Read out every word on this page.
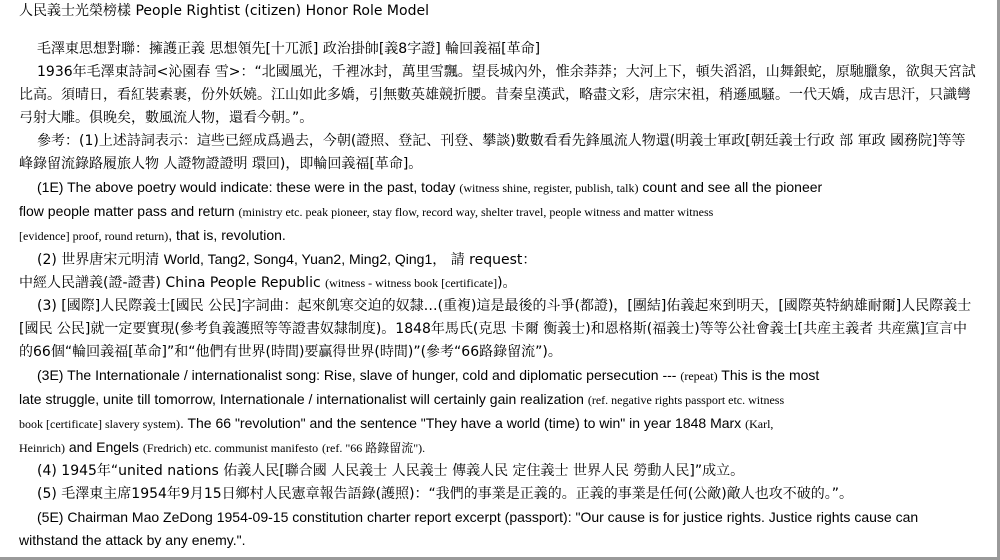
人民義士光榮榜樣 People Rightist (citizen) Honor Role Model

毛澤東思想對聯：擁護正義 思想領先[十兀派] 政治掛帥[義8字證] 輪回義福[革命]

1936年毛澤東詩詞<沁園春 雪>：“北國風光，千裡冰封，萬里雪飄。望長城內外，惟余莽莽；大河上下，頓失滔滔，山舞銀蛇，原馳臘象，欲與天宮試比高。須晴日，看紅裝素裹，份外妖嬈。江山如此多嬌，引無數英雄競折腰。昔秦皇漢武，略盡文彩，唐宗宋祖，稍遜風騷。一代天嬌，成吉思汗，只識彎弓射大雕。俱晚矣，數風流人物，還看今朝。”。

參考：(1)上述詩詞表示：這些已經成爲過去，今朝(證照、登記、刊登、攀談)數數看看先鋒風流人物還(明義士軍政[朝廷義士行政 部 軍政 國務院]等等峰錄留流錄路履旅人物 人證物證證明 環回)，即輪回義福[革命]。

(1E) The above poetry would indicate: these were in the past, today (witness shine, register, publish, talk) count and see all the pioneer
flow people matter pass and return (ministry etc. peak pioneer, stay flow, record way, shelter travel, people witness and matter witness
[evidence] proof, round return), that is, revolution.

(2) 世界唐宋元明清 World, Tang2, Song4, Yuan2, Ming2, Qing1， 請 request：
中經人民譜義(證-證書) China People Republic (witness - witness book [certificate])。

(3) [國際]人民際義士[國民 公民]字詞曲：起來飢寒交迫的奴隸…(重複)這是最後的斗爭(都證)，[團結]佑義起來到明天，[國際英特納雄耐爾]人民際義士[國民 公民]就一定要實現(參考負義護照等等證書奴隸制度)。1848年馬氏(克思 卡爾 衡義士)和恩格斯(福義士)等等公社會義士[共産主義者 共産黨]宣言中的66個“輪回義福[革命]”和“他們有世界(時間)要贏得世界(時間)”(參考“66路錄留流”)。

(3E) The Internationale / internationalist song: Rise, slave of hunger, cold and diplomatic persecution --- (repeat) This is the most
late struggle, unite till tomorrow, Internationale / internationalist will certainly gain realization (ref. negative rights passport etc. witness
book [certificate] slavery system). The 66 "revolution" and the sentence "They have a world (time) to win" in year 1848 Marx (Karl,
Heinrich) and Engels (Fredrich) etc. communist manifesto (ref. "66 路錄留流").

(4) 1945年“united nations 佑義人民[聯合國 人民義士 人民義士 傳義人民 定住義士 世界人民 勞動人民]”成立。

(5) 毛澤東主席1954年9月15日鄉村人民憲章報告語錄(護照)：“我們的事業是正義的。正義的事業是任何(公敵)敵人也攻不破的。”。

(5E) Chairman Mao ZeDong 1954-09-15 constitution charter report excerpt (passport): "Our cause is for justice rights. Justice rights cause can withstand the attack by any enemy.".
